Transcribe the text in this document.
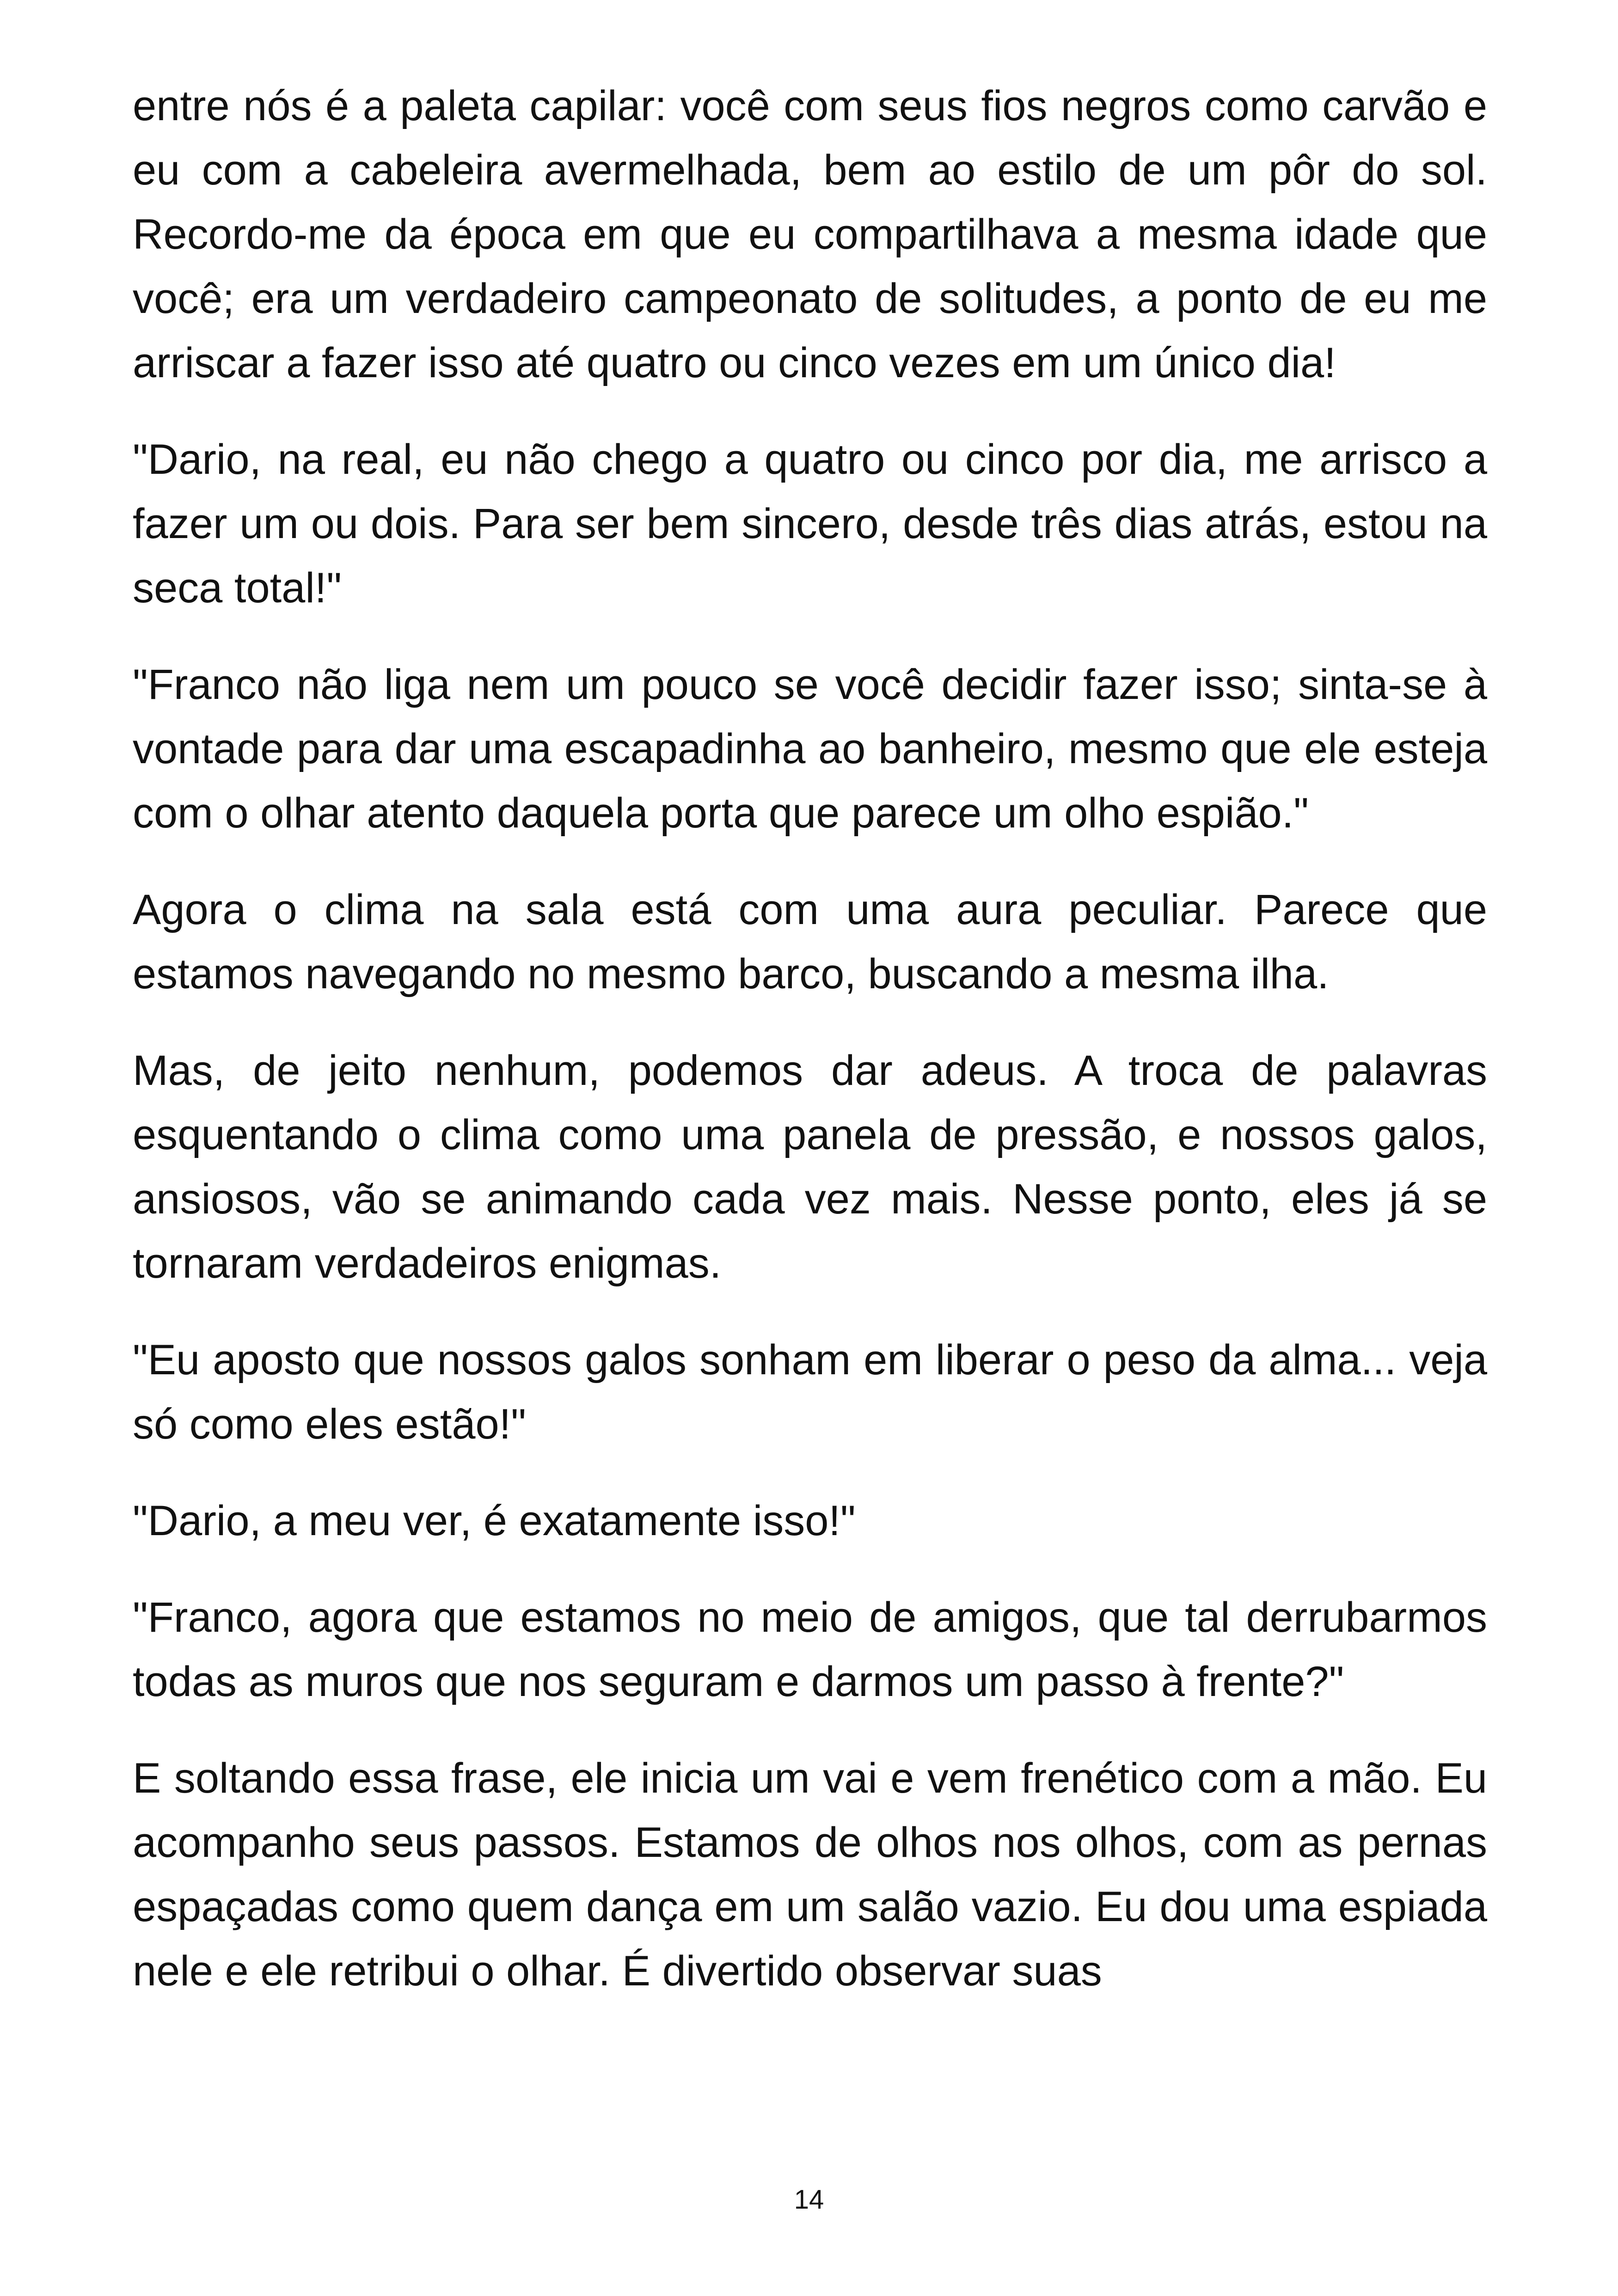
entre nós é a paleta capilar: você com seus fios negros como carvão e eu com a cabeleira avermelhada, bem ao estilo de um pôr do sol. Recordo-me da época em que eu compartilhava a mesma idade que você; era um verdadeiro campeonato de solitudes, a ponto de eu me arriscar a fazer isso até quatro ou cinco vezes em um único dia!

"Dario, na real, eu não chego a quatro ou cinco por dia, me arrisco a fazer um ou dois. Para ser bem sincero, desde três dias atrás, estou na seca total!"

"Franco não liga nem um pouco se você decidir fazer isso; sinta-se à vontade para dar uma escapadinha ao banheiro, mesmo que ele esteja com o olhar atento daquela porta que parece um olho espião."

Agora o clima na sala está com uma aura peculiar. Parece que estamos navegando no mesmo barco, buscando a mesma ilha.

Mas, de jeito nenhum, podemos dar adeus. A troca de palavras esquentando o clima como uma panela de pressão, e nossos galos, ansiosos, vão se animando cada vez mais. Nesse ponto, eles já se tornaram verdadeiros enigmas.

"Eu aposto que nossos galos sonham em liberar o peso da alma... veja só como eles estão!"

"Dario, a meu ver, é exatamente isso!"

"Franco, agora que estamos no meio de amigos, que tal derrubarmos todas as muros que nos seguram e darmos um passo à frente?"

E soltando essa frase, ele inicia um vai e vem frenético com a mão. Eu acompanho seus passos. Estamos de olhos nos olhos, com as pernas espaçadas como quem dança em um salão vazio. Eu dou uma espiada nele e ele retribui o olhar. É divertido observar suas

14
